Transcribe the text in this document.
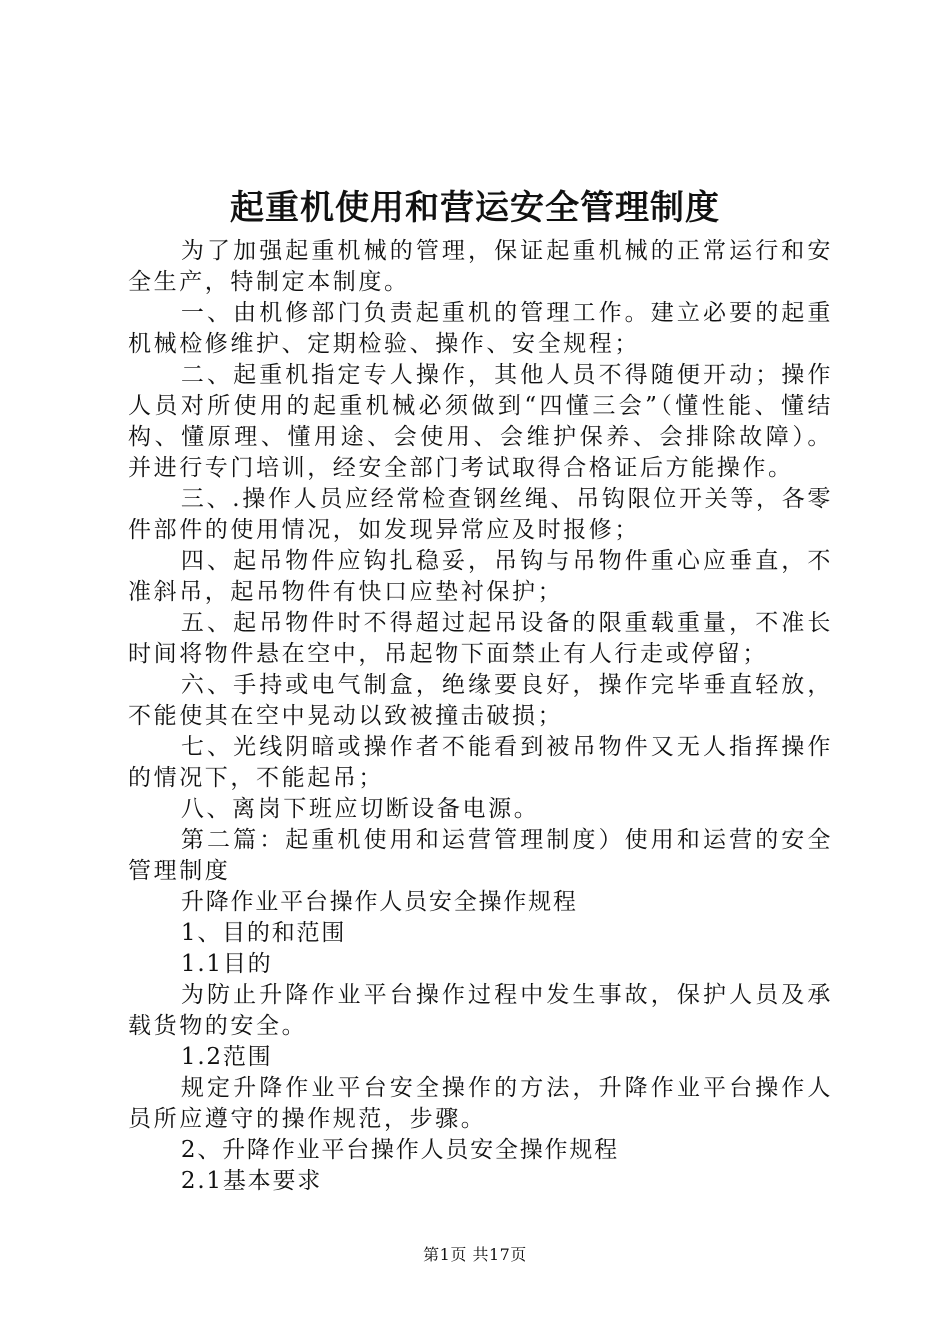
起重机使用和营运安全管理制度

为了加强起重机械的管理，保证起重机械的正常运行和安全生产，特制定本制度。

一、由机修部门负责起重机的管理工作。建立必要的起重机械检修维护、定期检验、操作、安全规程；

二、起重机指定专人操作，其他人员不得随便开动；操作人员对所使用的起重机械必须做到“四懂三会”（懂性能、懂结构、懂原理、懂用途、会使用、会维护保养、会排除故障）。并进行专门培训，经安全部门考试取得合格证后方能操作。

三、.操作人员应经常检查钢丝绳、吊钩限位开关等，各零件部件的使用情况，如发现异常应及时报修；

四、起吊物件应钩扎稳妥，吊钩与吊物件重心应垂直，不准斜吊，起吊物件有快口应垫衬保护；

五、起吊物件时不得超过起吊设备的限重载重量，不准长时间将物件悬在空中，吊起物下面禁止有人行走或停留；

六、手持或电气制盒，绝缘要良好，操作完毕垂直轻放，不能使其在空中晃动以致被撞击破损；

七、光线阴暗或操作者不能看到被吊物件又无人指挥操作的情况下，不能起吊；

八、离岗下班应切断设备电源。

第二篇：起重机使用和运营管理制度）使用和运营的安全管理制度

升降作业平台操作人员安全操作规程

1、目的和范围

1.1目的

为防止升降作业平台操作过程中发生事故，保护人员及承载货物的安全。

1.2范围

规定升降作业平台安全操作的方法，升降作业平台操作人员所应遵守的操作规范，步骤。

2、升降作业平台操作人员安全操作规程

2.1基本要求

第1页 共17页
